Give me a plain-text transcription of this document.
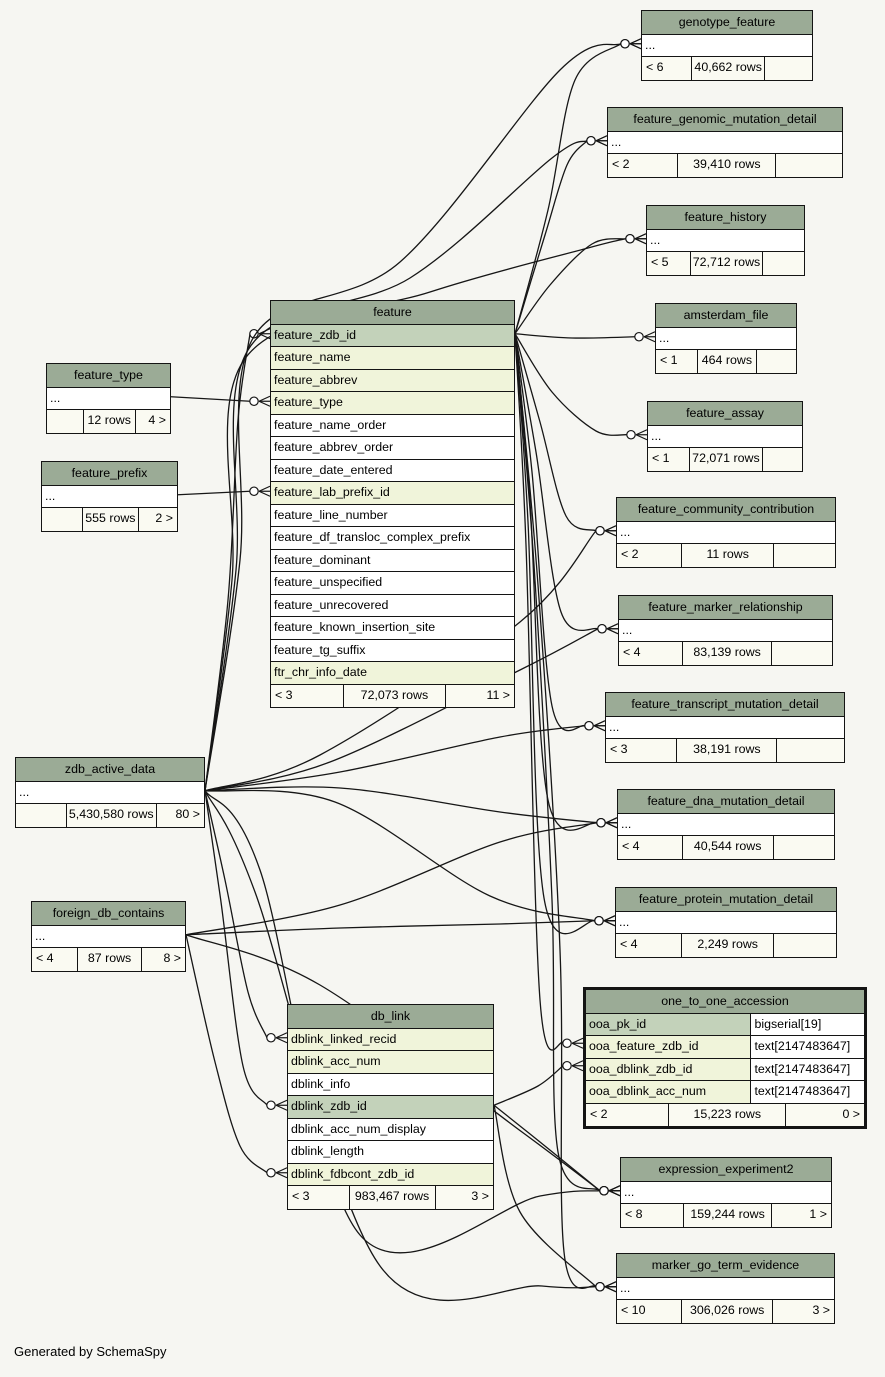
genotype_feature
...
< 6	40,662 rows
feature_genomic_mutation_detail
...
< 2	39,410 rows
feature_history
...
< 5	72,712 rows
amsterdam_file
...
< 1	464 rows
feature_assay
...
< 1	72,071 rows
feature_community_contribution
...
< 2	11 rows
feature_marker_relationship
...
< 4	83,139 rows
feature_transcript_mutation_detail
...
< 3	38,191 rows
feature_dna_mutation_detail
...
< 4	40,544 rows
feature_protein_mutation_detail
...
< 4	2,249 rows
one_to_one_accession
ooa_pk_id	bigserial[19]
ooa_feature_zdb_id	text[2147483647]
ooa_dblink_zdb_id	text[2147483647]
ooa_dblink_acc_num	text[2147483647]
< 2	15,223 rows	0 >
expression_experiment2
...
< 8	159,244 rows	1 >
marker_go_term_evidence
...
< 10	306,026 rows	3 >
feature
feature_zdb_id
feature_name
feature_abbrev
feature_type
feature_name_order
feature_abbrev_order
feature_date_entered
feature_lab_prefix_id
feature_line_number
feature_df_transloc_complex_prefix
feature_dominant
feature_unspecified
feature_unrecovered
feature_known_insertion_site
feature_tg_suffix
ftr_chr_info_date
< 3	72,073 rows	11 >
feature_type
...
12 rows	4 >
feature_prefix
...
555 rows	2 >
zdb_active_data
...
5,430,580 rows	80 >
foreign_db_contains
...
< 4	87 rows	8 >
db_link
dblink_linked_recid
dblink_acc_num
dblink_info
dblink_zdb_id
dblink_acc_num_display
dblink_length
dblink_fdbcont_zdb_id
< 3	983,467 rows	3 >
Generated by SchemaSpy
